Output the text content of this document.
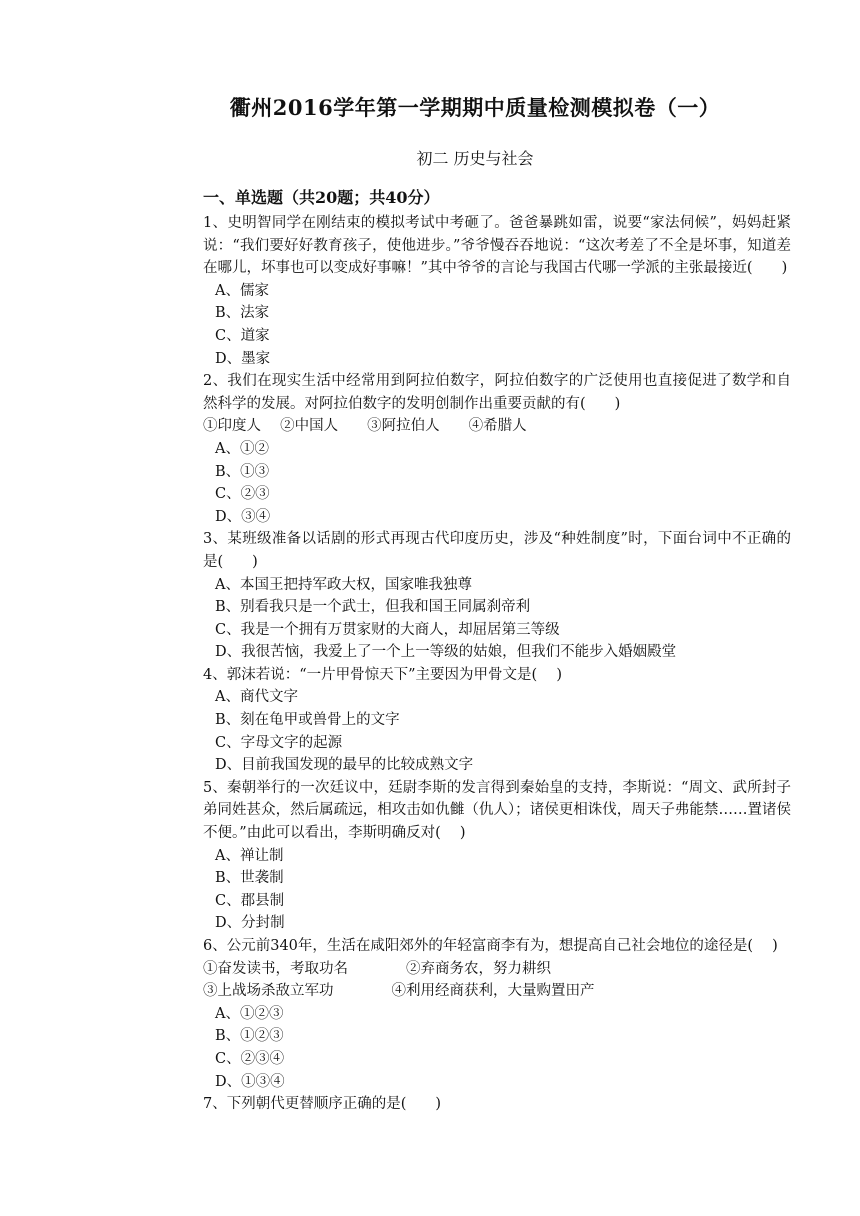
衢州2016学年第一学期期中质量检测模拟卷（一）
初二 历史与社会
一、单选题（共20题；共40分）
1、史明智同学在刚结束的模拟考试中考砸了。爸爸暴跳如雷，说要“家法伺候”，妈妈赶紧说：“我们要好好教育孩子，使他进步。”爷爷慢吞吞地说：“这次考差了不全是坏事，知道差在哪儿，坏事也可以变成好事嘛！”其中爷爷的言论与我国古代哪一学派的主张最接近(　　)
A、儒家
B、法家
C、道家
D、墨家
2、我们在现实生活中经常用到阿拉伯数字，阿拉伯数字的广泛使用也直接促进了数学和自然科学的发展。对阿拉伯数字的发明创制作出重要贡献的有(　　)
①印度人　 ②中国人　　③阿拉伯人　　④希腊人
A、①②
B、①③
C、②③
D、③④
3、某班级准备以话剧的形式再现古代印度历史，涉及“种姓制度”时，下面台词中不正确的是(　　)
A、本国王把持军政大权，国家唯我独尊
B、别看我只是一个武士，但我和国王同属刹帝利
C、我是一个拥有万贯家财的大商人，却屈居第三等级
D、我很苦恼，我爱上了一个上一等级的姑娘，但我们不能步入婚姻殿堂
4、郭沫若说：“一片甲骨惊天下”主要因为甲骨文是(　 )
A、商代文字
B、刻在龟甲或兽骨上的文字
C、字母文字的起源
D、目前我国发现的最早的比较成熟文字
5、秦朝举行的一次廷议中，廷尉李斯的发言得到秦始皇的支持，李斯说：“周文、武所封子弟同姓甚众，然后属疏远，相攻击如仇雠（仇人）；诸侯更相诛伐，周天子弗能禁……置诸侯不便。”由此可以看出，李斯明确反对(　 )
A、禅让制
B、世袭制
C、郡县制
D、分封制
6、公元前340年，生活在咸阳郊外的年轻富商李有为，想提高自己社会地位的途径是(　 )
①奋发读书，考取功名　　　　②弃商务农，努力耕织
③上战场杀敌立军功　　　　④利用经商获利，大量购置田产
A、①②③
B、①②③
C、②③④
D、①③④
7、下列朝代更替顺序正确的是(　　)
